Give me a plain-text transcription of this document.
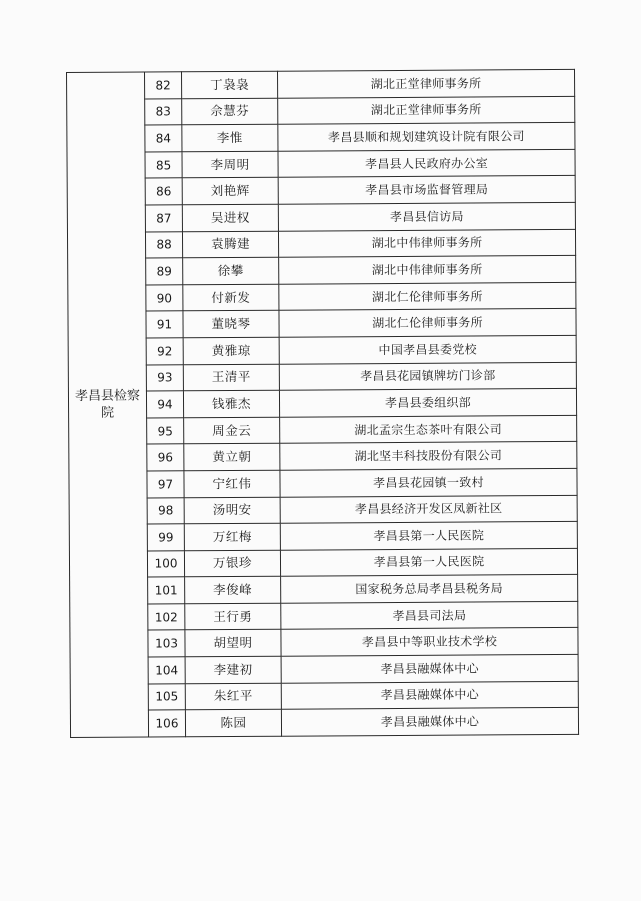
孝昌县检察院	82	丁袅袅	湖北正堂律师事务所
	83	佘慧芬	湖北正堂律师事务所
	84	李惟	孝昌县顺和规划建筑设计院有限公司
	85	李周明	孝昌县人民政府办公室
	86	刘艳辉	孝昌县市场监督管理局
	87	吴进权	孝昌县信访局
	88	袁腾建	湖北中伟律师事务所
	89	徐攀	湖北中伟律师事务所
	90	付新发	湖北仁伦律师事务所
	91	董晓琴	湖北仁伦律师事务所
	92	黄雅琼	中国孝昌县委党校
	93	王清平	孝昌县花园镇牌坊门诊部
	94	钱雅杰	孝昌县委组织部
	95	周金云	湖北孟宗生态茶叶有限公司
	96	黄立朝	湖北坚丰科技股份有限公司
	97	宁红伟	孝昌县花园镇一致村
	98	汤明安	孝昌县经济开发区凤新社区
	99	万红梅	孝昌县第一人民医院
	100	万银珍	孝昌县第一人民医院
	101	李俊峰	国家税务总局孝昌县税务局
	102	王行勇	孝昌县司法局
	103	胡望明	孝昌县中等职业技术学校
	104	李建初	孝昌县融媒体中心
	105	朱红平	孝昌县融媒体中心
	106	陈园	孝昌县融媒体中心
